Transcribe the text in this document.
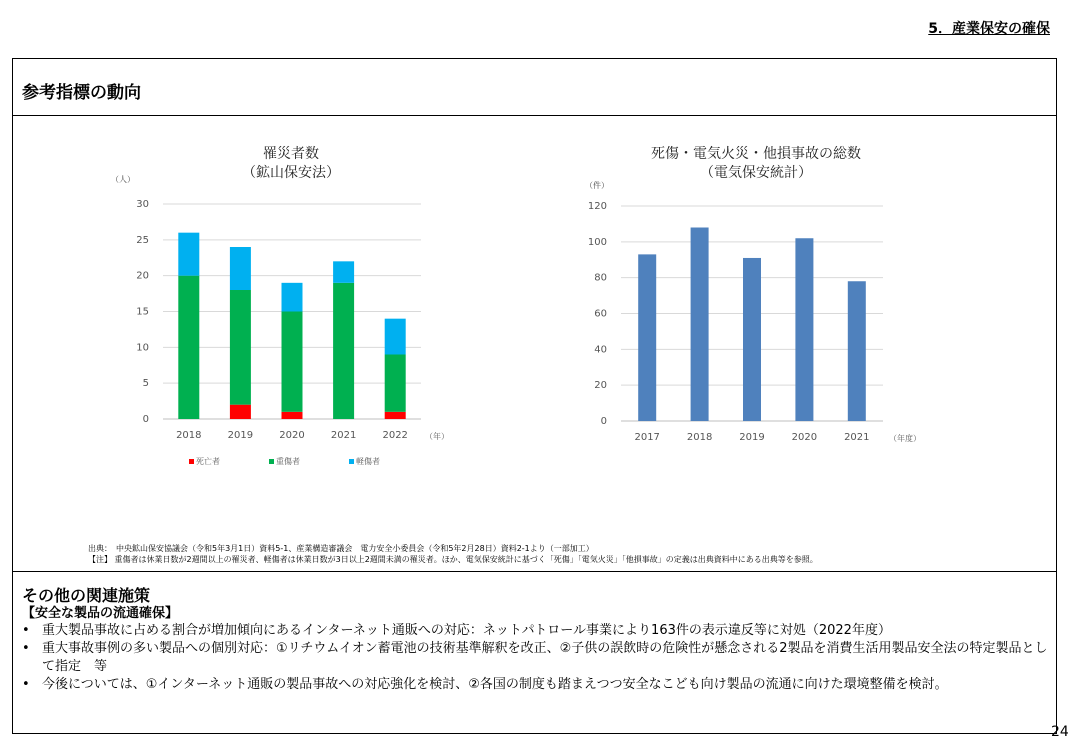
5．産業保安の確保
参考指標の動向
罹災者数
（鉱山保安法）
（人）
0
5
10
15
20
25
30
2018	2019	2020	2021	2022 （年）
死亡者	重傷者	軽傷者
死傷・電気火災・他損事故の総数
（電気保安統計）
（件）
0
20
40
60
80
100
120
2017	2018	2019	2020	2021 （年度）
出典：　中央鉱山保安協議会（令和5年3月1日）資料5-1、産業構造審議会　電力安全小委員会（令和5年2月28日）資料2-1より（一部加工）
【注】 重傷者は休業日数が2週間以上の罹災者、軽傷者は休業日数が3日以上2週間未満の罹災者。ほか、電気保安統計に基づく「死傷」「電気火災」「他損事故」の定義は出典資料中にある出典等を参照。
その他の関連施策
【安全な製品の流通確保】
• 重大製品事故に占める割合が増加傾向にあるインターネット通販への対応：ネットパトロール事業により163件の表示違反等に対処（2022年度）
• 重大事故事例の多い製品への個別対応：①リチウムイオン蓄電池の技術基準解釈を改正、②子供の誤飲時の危険性が懸念される2製品を消費生活用製品安全法の特定製品として指定　等
• 今後については、①インターネット通販の製品事故への対応強化を検討、②各国の制度も踏まえつつ安全なこども向け製品の流通に向けた環境整備を検討。
24
